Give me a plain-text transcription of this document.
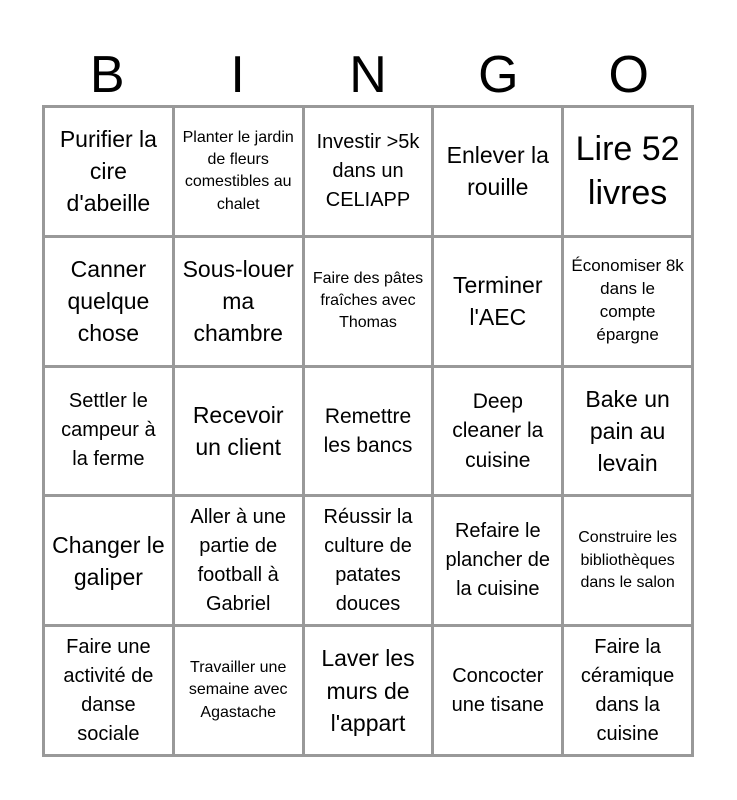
B	I	N	G	O
Purifier la cire d'abeille
Planter le jardin de fleurs comestibles au chalet
Investir >5k dans un CELIAPP
Enlever la rouille
Lire 52 livres
Canner quelque chose
Sous-louer ma chambre
Faire des pâtes fraîches avec Thomas
Terminer l'AEC
Économiser 8k dans le compte épargne
Settler le campeur à la ferme
Recevoir un client
Remettre les bancs
Deep cleaner la cuisine
Bake un pain au levain
Changer le galiper
Aller à une partie de football à Gabriel
Réussir la culture de patates douces
Refaire le plancher de la cuisine
Construire les bibliothèques dans le salon
Faire une activité de danse sociale
Travailler une semaine avec Agastache
Laver les murs de l'appart
Concocter une tisane
Faire la céramique dans la cuisine
